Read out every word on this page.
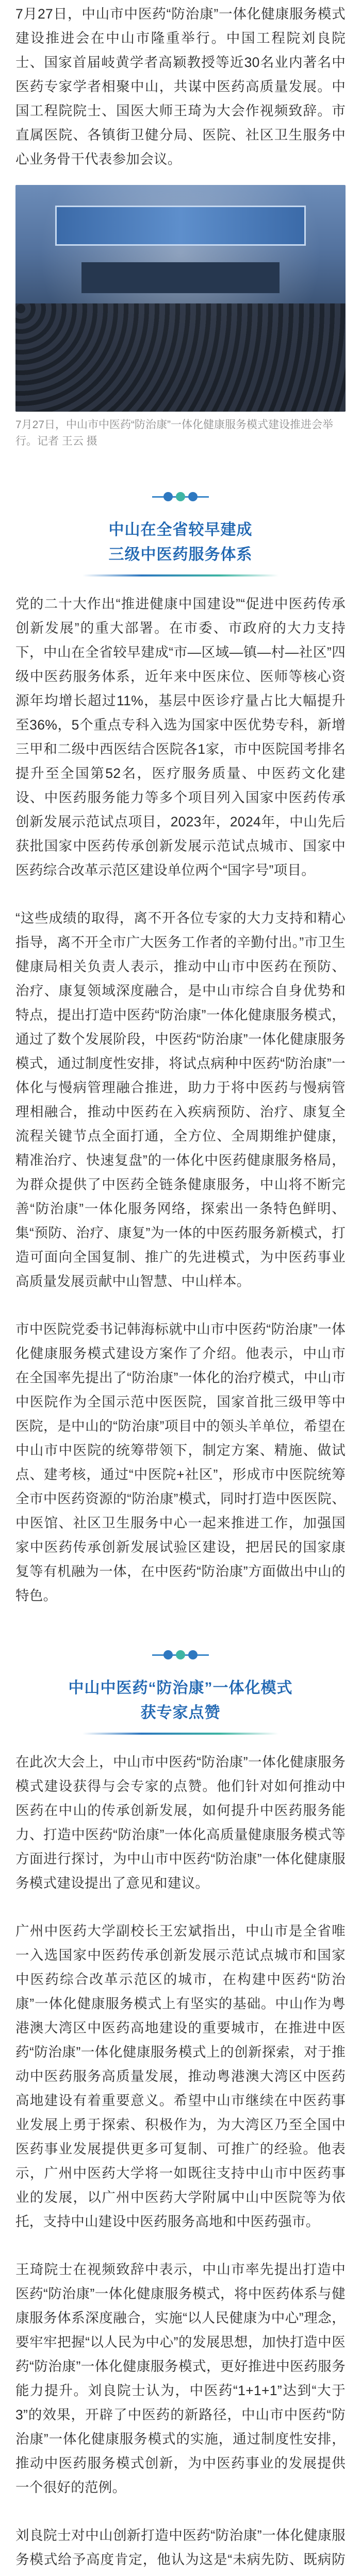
7月27日，中山市中医药“防治康”一体化健康服务模式建设推进会在中山市隆重举行。中国工程院刘良院士、国家首届岐黄学者高颖教授等近30名业内著名中医药专家学者相聚中山，共谋中医药高质量发展。中国工程院院士、国医大师王琦为大会作视频致辞。市直属医院、各镇街卫健分局、医院、社区卫生服务中心业务骨干代表参加会议。

7月27日，中山市中医药“防治康”一体化健康服务模式建设推进会举行。记者 王云 摄

中山在全省较早建成
三级中医药服务体系

党的二十大作出“推进健康中国建设”“促进中医药传承创新发展”的重大部署。在市委、市政府的大力支持下，中山在全省较早建成“市—区域—镇—村—社区”四级中医药服务体系，近年来中医床位、医师等核心资源年均增长超过11%，基层中医诊疗量占比大幅提升至36%，5个重点专科入选为国家中医优势专科，新增三甲和二级中西医结合医院各1家，市中医院国考排名提升至全国第52名，医疗服务质量、中医药文化建设、中医药服务能力等多个项目列入国家中医药传承创新发展示范试点项目，2023年，2024年，中山先后获批国家中医药传承创新发展示范试点城市、国家中医药综合改革示范区建设单位两个“国字号”项目。

“这些成绩的取得，离不开各位专家的大力支持和精心指导，离不开全市广大医务工作者的辛勤付出。”市卫生健康局相关负责人表示，推动中山市中医药在预防、治疗、康复领域深度融合，是中山市综合自身优势和特点，提出打造中医药“防治康”一体化健康服务模式，通过了数个发展阶段，中医药“防治康”一体化健康服务模式，通过制度性安排，将试点病种中医药“防治康”一体化与慢病管理融合推进，助力于将中医药与慢病管理相融合，推动中医药在入疾病预防、治疗、康复全流程关键节点全面打通，全方位、全周期维护健康，精准治疗、快速复盘”的一体化中医药健康服务格局，为群众提供了中医药全链条健康服务，中山将不断完善“防治康”一体化服务网络，探索出一条特色鲜明、集“预防、治疗、康复”为一体的中医药服务新模式，打造可面向全国复制、推广的先进模式，为中医药事业高质量发展贡献中山智慧、中山样本。

市中医院党委书记韩海标就中山市中医药“防治康”一体化健康服务模式建设方案作了介绍。他表示，中山市在全国率先提出了“防治康”一体化的治疗模式，中山市中医院作为全国示范中医医院，国家首批三级甲等中医院，是中山的“防治康”项目中的领头羊单位，希望在中山市中医院的统筹带领下，制定方案、精施、做试点、建考核，通过“中医院+社区”，形成市中医院统筹全市中医药资源的“防治康”模式，同时打造中医医院、中医馆、社区卫生服务中心一起来推进工作，加强国家中医药传承创新发展试验区建设，把居民的国家康复等有机融为一体，在中医药“防治康”方面做出中山的特色。

中山中医药“防治康”一体化模式
获专家点赞

在此次大会上，中山市中医药“防治康”一体化健康服务模式建设获得与会专家的点赞。他们针对如何推动中医药在中山的传承创新发展，如何提升中医药服务能力、打造中医药“防治康”一体化高质量健康服务模式等方面进行探讨，为中山市中医药“防治康”一体化健康服务模式建设提出了意见和建议。

广州中医药大学副校长王宏斌指出，中山市是全省唯一入选国家中医药传承创新发展示范试点城市和国家中医药综合改革示范区的城市，在构建中医药“防治康”一体化健康服务模式上有坚实的基础。中山作为粤港澳大湾区中医药高地建设的重要城市，在推进中医药“防治康”一体化健康服务模式上的创新探索，对于推动中医药服务高质量发展，推动粤港澳大湾区中医药高地建设有着重要意义。希望中山市继续在中医药事业发展上勇于探索、积极作为，为大湾区乃至全国中医药事业发展提供更多可复制、可推广的经验。他表示，广州中医药大学将一如既往支持中山市中医药事业的发展，以广州中医药大学附属中山中医院等为依托，支持中山建设中医药服务高地和中医药强市。

王琦院士在视频致辞中表示，中山市率先提出打造中医药“防治康”一体化健康服务模式，将中医药体系与健康服务体系深度融合，实施“以人民健康为中心”理念，要牢牢把握“以人民为中心”的发展思想，加快打造中医药“防治康”一体化健康服务模式，更好推进中医药服务能力提升。刘良院士认为，中医药“1+1+1”达到“大于3”的效果，开辟了中医药的新路径，中山市中医药“防治康”一体化健康服务模式的实施，通过制度性安排，推动中医药服务模式创新，为中医药事业的发展提供一个很好的范例。

刘良院士对中山创新打造中医药“防治康”一体化健康服务模式给予高度肯定，他认为这是“未病先防、既病防
